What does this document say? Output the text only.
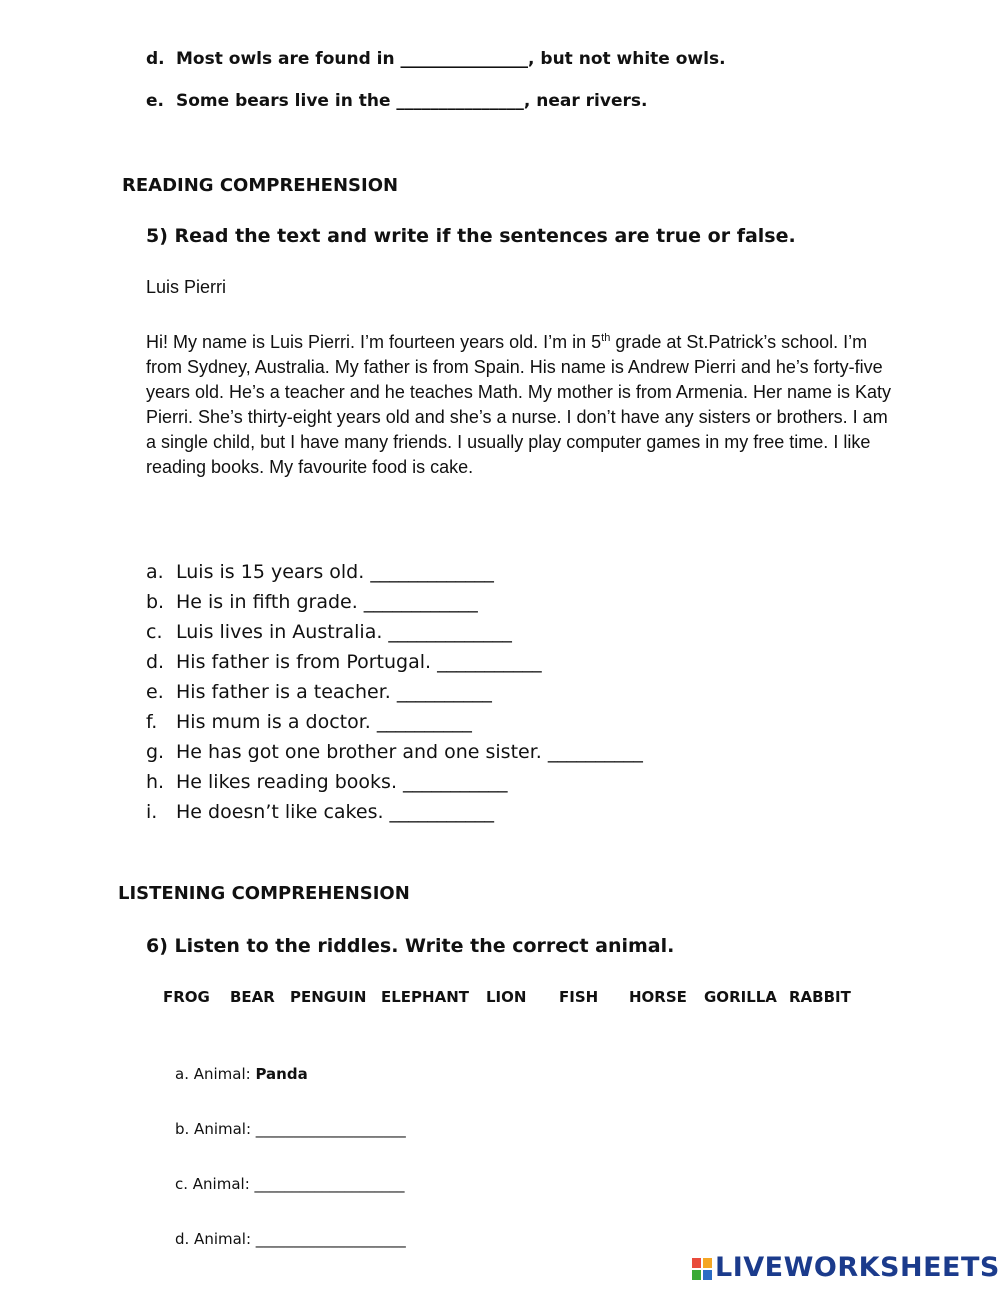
d. Most owls are found in _______________, but not white owls.
e. Some bears live in the _______________, near rivers.
READING COMPREHENSION
5) Read the text and write if the sentences are true or false.
Luis Pierri
Hi! My name is Luis Pierri. I’m fourteen years old. I’m in 5th grade at St.Patrick’s school. I’m from Sydney, Australia. My father is from Spain. His name is Andrew Pierri and he’s forty-five years old. He’s a teacher and he teaches Math. My mother is from Armenia. Her name is Katy Pierri. She’s thirty-eight years old and she’s a nurse. I don’t have any sisters or brothers. I am a single child, but I have many friends. I usually play computer games in my free time. I like reading books. My favourite food is cake.
a. Luis is 15 years old. _____________
b. He is in fifth grade. ____________
c. Luis lives in Australia. _____________
d. His father is from Portugal. ___________
e. His father is a teacher. __________
f. His mum is a doctor. __________
g. He has got one brother and one sister. __________
h. He likes reading books. ___________
i. He doesn’t like cakes. ___________
LISTENING COMPREHENSION
6) Listen to the riddles. Write the correct animal.
FROG BEAR PENGUIN ELEPHANT LION FISH HORSE GORILLA RABBIT
a. Animal: Panda
b. Animal: ____________________
c. Animal: ____________________
d. Animal: ____________________
LIVEWORKSHEETS
